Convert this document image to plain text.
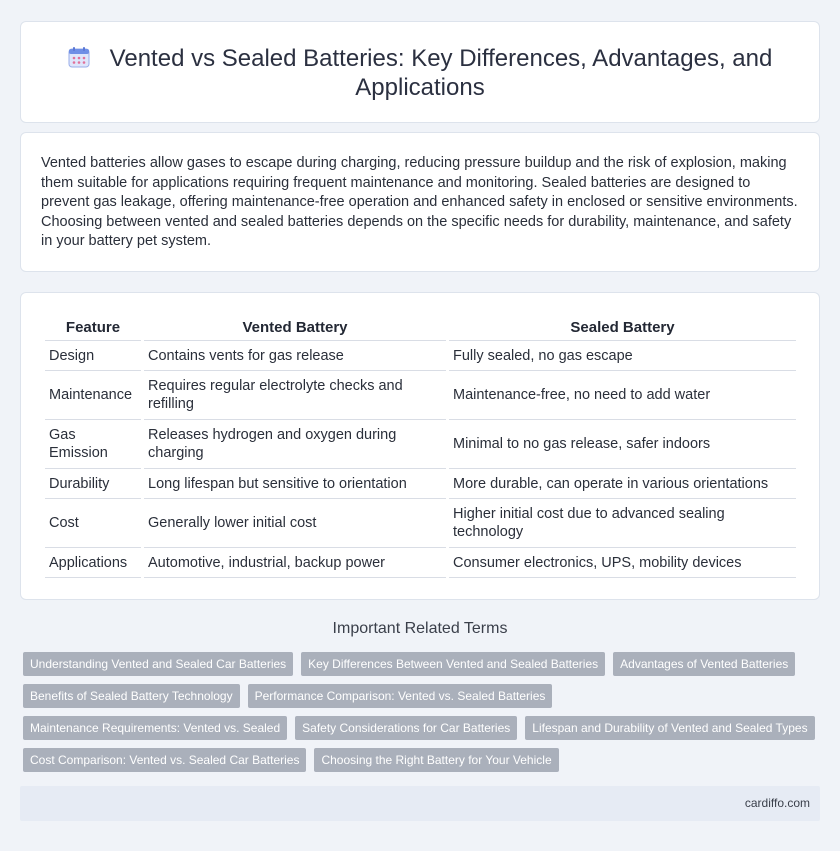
Vented vs Sealed Batteries: Key Differences, Advantages, and Applications

Vented batteries allow gases to escape during charging, reducing pressure buildup and the risk of explosion, making them suitable for applications requiring frequent maintenance and monitoring. Sealed batteries are designed to prevent gas leakage, offering maintenance-free operation and enhanced safety in enclosed or sensitive environments. Choosing between vented and sealed batteries depends on the specific needs for durability, maintenance, and safety in your battery pet system.

Feature	Vented Battery	Sealed Battery
Design	Contains vents for gas release	Fully sealed, no gas escape
Maintenance	Requires regular electrolyte checks and refilling	Maintenance-free, no need to add water
Gas Emission	Releases hydrogen and oxygen during charging	Minimal to no gas release, safer indoors
Durability	Long lifespan but sensitive to orientation	More durable, can operate in various orientations
Cost	Generally lower initial cost	Higher initial cost due to advanced sealing technology
Applications	Automotive, industrial, backup power	Consumer electronics, UPS, mobility devices
Important Related Terms
Understanding Vented and Sealed Car Batteries	Key Differences Between Vented and Sealed Batteries	Advantages of Vented Batteries
Benefits of Sealed Battery Technology	Performance Comparison: Vented vs. Sealed Batteries
Maintenance Requirements: Vented vs. Sealed	Safety Considerations for Car Batteries	Lifespan and Durability of Vented and Sealed Types
Cost Comparison: Vented vs. Sealed Car Batteries	Choosing the Right Battery for Your Vehicle
cardiffo.com
